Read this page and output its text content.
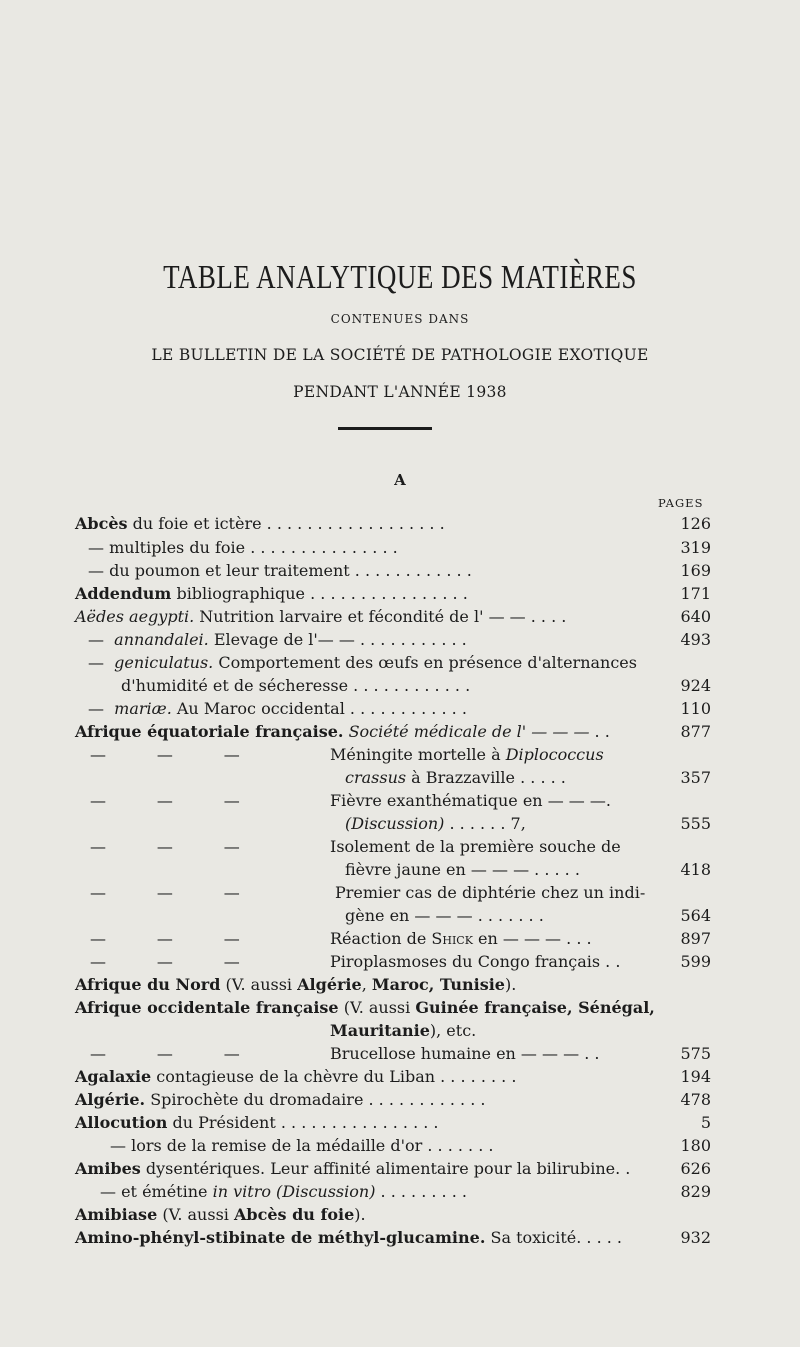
TABLE ANALYTIQUE DES MATIÈRES
CONTENUES DANS
LE BULLETIN DE LA SOCIÉTÉ DE PATHOLOGIE EXOTIQUE
PENDANT L'ANNÉE 1938
A
PAGES
Abcès du foie et ictère . . . . . . . . . . . . . . . . . .	126
— multiples du foie . . . . . . . . . . . . . . .	319
— du poumon et leur traitement . . . . . . . . . . . .	169
Addendum bibliographique . . . . . . . . . . . . . . . .	171
Aëdes aegypti. Nutrition larvaire et fécondité de l' — — . . . .	640
— annandalei. Elevage de l'— — . . . . . . . . . . .	493
— geniculatus. Comportement des œufs en présence d'alternances
d'humidité et de sécheresse . . . . . . . . . . . .	924
— mariæ. Au Maroc occidental . . . . . . . . . . . .	110
Afrique équatoriale française. Société médicale de l' — — — . .	877
—          —          —	Méningite mortelle à Diplococcus
crassus à Brazzaville . . . . .	357
—          —          —	Fièvre exanthématique en — — —.
(Discussion) . . . . . . 7,	555
—          —          —	Isolement de la première souche de
fièvre jaune en — — — . . . . .	418
—          —          —	Premier cas de diphtérie chez un indi-
gène en — — — . . . . . . .	564
—          —          —	Réaction de Shick en — — — . . .	897
—          —          —	Piroplasmoses du Congo français . .	599
Afrique du Nord (V. aussi Algérie, Maroc, Tunisie).
Afrique occidentale française (V. aussi Guinée française, Sénégal,
Mauritanie), etc.
—          —          —	Brucellose humaine en — — — . .	575
Agalaxie contagieuse de la chèvre du Liban . . . . . . . .	194
Algérie. Spirochète du dromadaire . . . . . . . . . . . .	478
Allocution du Président . . . . . . . . . . . . . . . .	5
— lors de la remise de la médaille d'or . . . . . . .	180
Amibes dysentériques. Leur affinité alimentaire pour la bilirubine. .	626
— et émétine in vitro (Discussion) . . . . . . . . .	829
Amibiase (V. aussi Abcès du foie).
Amino-phényl-stibinate de méthyl-glucamine. Sa toxicité. . . . .	932
